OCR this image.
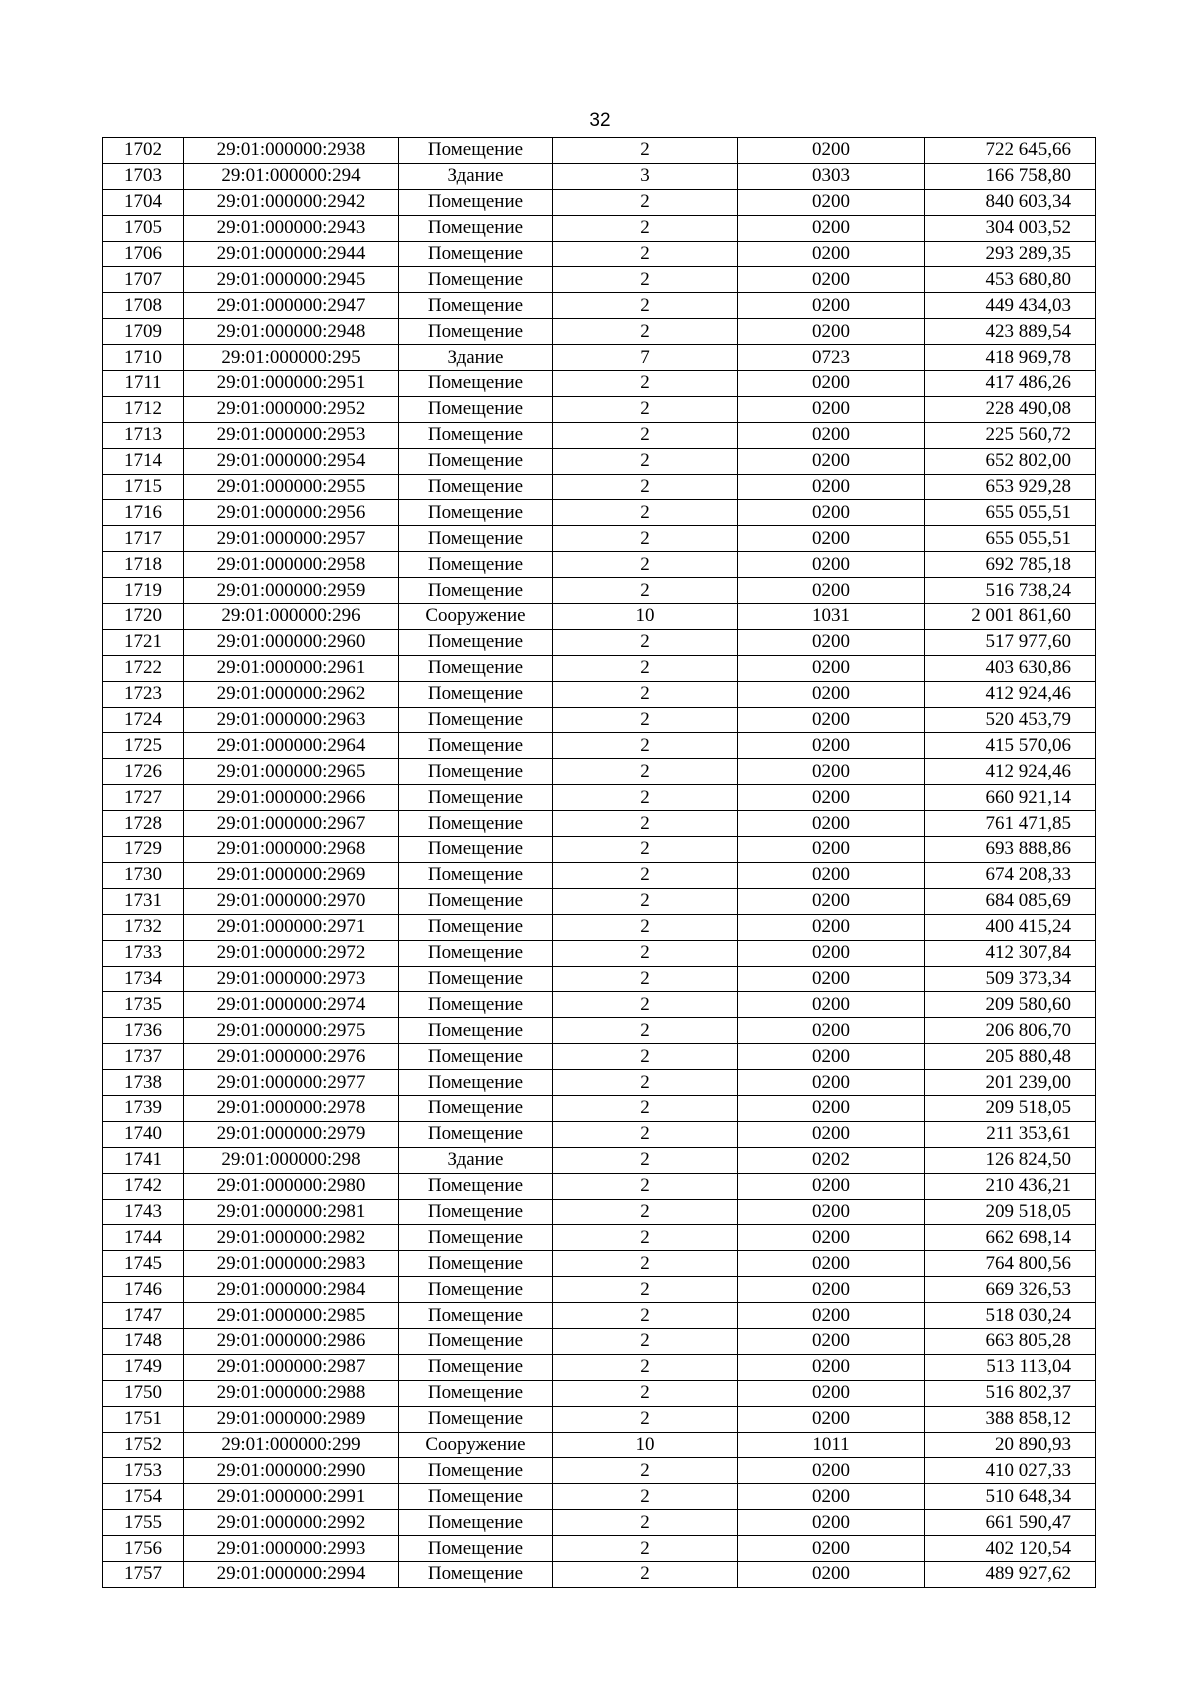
32
1702	29:01:000000:2938	Помещение	2	0200	722 645,66
1703	29:01:000000:294	Здание	3	0303	166 758,80
1704	29:01:000000:2942	Помещение	2	0200	840 603,34
1705	29:01:000000:2943	Помещение	2	0200	304 003,52
1706	29:01:000000:2944	Помещение	2	0200	293 289,35
1707	29:01:000000:2945	Помещение	2	0200	453 680,80
1708	29:01:000000:2947	Помещение	2	0200	449 434,03
1709	29:01:000000:2948	Помещение	2	0200	423 889,54
1710	29:01:000000:295	Здание	7	0723	418 969,78
1711	29:01:000000:2951	Помещение	2	0200	417 486,26
1712	29:01:000000:2952	Помещение	2	0200	228 490,08
1713	29:01:000000:2953	Помещение	2	0200	225 560,72
1714	29:01:000000:2954	Помещение	2	0200	652 802,00
1715	29:01:000000:2955	Помещение	2	0200	653 929,28
1716	29:01:000000:2956	Помещение	2	0200	655 055,51
1717	29:01:000000:2957	Помещение	2	0200	655 055,51
1718	29:01:000000:2958	Помещение	2	0200	692 785,18
1719	29:01:000000:2959	Помещение	2	0200	516 738,24
1720	29:01:000000:296	Сооружение	10	1031	2 001 861,60
1721	29:01:000000:2960	Помещение	2	0200	517 977,60
1722	29:01:000000:2961	Помещение	2	0200	403 630,86
1723	29:01:000000:2962	Помещение	2	0200	412 924,46
1724	29:01:000000:2963	Помещение	2	0200	520 453,79
1725	29:01:000000:2964	Помещение	2	0200	415 570,06
1726	29:01:000000:2965	Помещение	2	0200	412 924,46
1727	29:01:000000:2966	Помещение	2	0200	660 921,14
1728	29:01:000000:2967	Помещение	2	0200	761 471,85
1729	29:01:000000:2968	Помещение	2	0200	693 888,86
1730	29:01:000000:2969	Помещение	2	0200	674 208,33
1731	29:01:000000:2970	Помещение	2	0200	684 085,69
1732	29:01:000000:2971	Помещение	2	0200	400 415,24
1733	29:01:000000:2972	Помещение	2	0200	412 307,84
1734	29:01:000000:2973	Помещение	2	0200	509 373,34
1735	29:01:000000:2974	Помещение	2	0200	209 580,60
1736	29:01:000000:2975	Помещение	2	0200	206 806,70
1737	29:01:000000:2976	Помещение	2	0200	205 880,48
1738	29:01:000000:2977	Помещение	2	0200	201 239,00
1739	29:01:000000:2978	Помещение	2	0200	209 518,05
1740	29:01:000000:2979	Помещение	2	0200	211 353,61
1741	29:01:000000:298	Здание	2	0202	126 824,50
1742	29:01:000000:2980	Помещение	2	0200	210 436,21
1743	29:01:000000:2981	Помещение	2	0200	209 518,05
1744	29:01:000000:2982	Помещение	2	0200	662 698,14
1745	29:01:000000:2983	Помещение	2	0200	764 800,56
1746	29:01:000000:2984	Помещение	2	0200	669 326,53
1747	29:01:000000:2985	Помещение	2	0200	518 030,24
1748	29:01:000000:2986	Помещение	2	0200	663 805,28
1749	29:01:000000:2987	Помещение	2	0200	513 113,04
1750	29:01:000000:2988	Помещение	2	0200	516 802,37
1751	29:01:000000:2989	Помещение	2	0200	388 858,12
1752	29:01:000000:299	Сооружение	10	1011	20 890,93
1753	29:01:000000:2990	Помещение	2	0200	410 027,33
1754	29:01:000000:2991	Помещение	2	0200	510 648,34
1755	29:01:000000:2992	Помещение	2	0200	661 590,47
1756	29:01:000000:2993	Помещение	2	0200	402 120,54
1757	29:01:000000:2994	Помещение	2	0200	489 927,62
